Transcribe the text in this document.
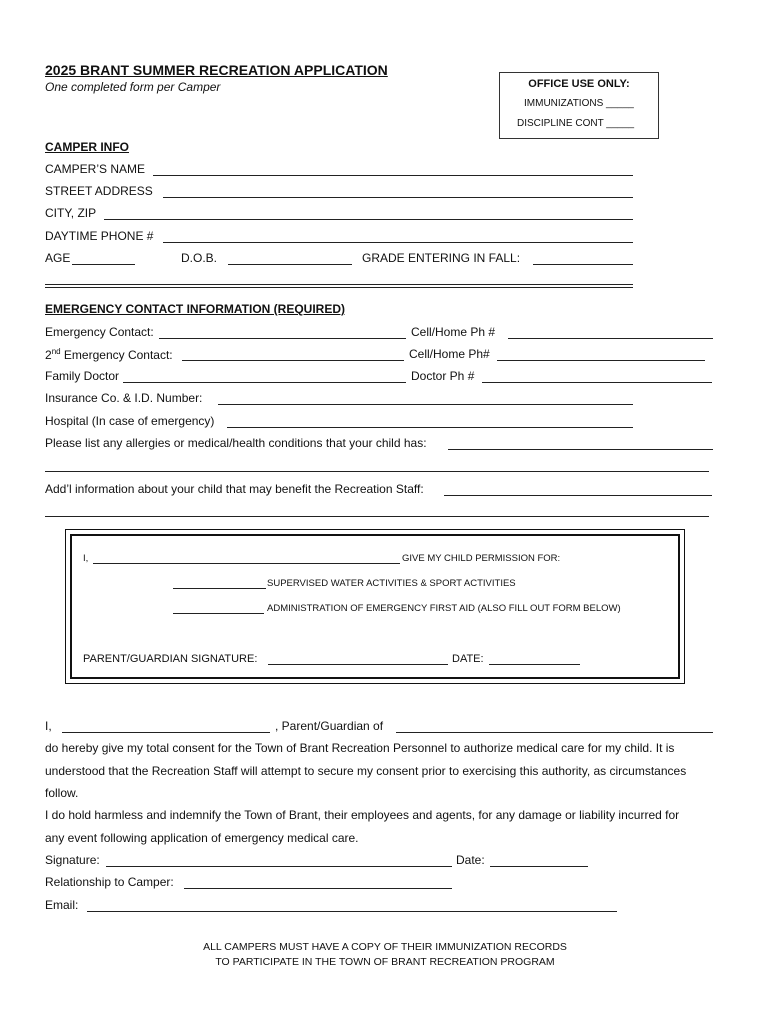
2025 BRANT SUMMER RECREATION APPLICATION
One completed form per Camper	OFFICE USE ONLY:
IMMUNIZATIONS _____
DISCIPLINE CONT _____
CAMPER INFO
CAMPER’S NAME
STREET ADDRESS
CITY, ZIP
DAYTIME PHONE #
AGE	D.O.B.	GRADE ENTERING IN FALL:
EMERGENCY CONTACT INFORMATION (REQUIRED)
Emergency Contact:	Cell/Home Ph #
2nd Emergency Contact:	Cell/Home Ph#
Family Doctor	Doctor Ph #
Insurance Co. & I.D. Number:
Hospital (In case of emergency)
Please list any allergies or medical/health conditions that your child has:
Add’l information about your child that may benefit the Recreation Staff:
I,	GIVE MY CHILD PERMISSION FOR:
SUPERVISED WATER ACTIVITIES & SPORT ACTIVITIES
ADMINISTRATION OF EMERGENCY FIRST AID (ALSO FILL OUT FORM BELOW)
PARENT/GUARDIAN SIGNATURE:	DATE:
I,	, Parent/Guardian of
do hereby give my total consent for the Town of Brant Recreation Personnel to authorize medical care for my child. It is
understood that the Recreation Staff will attempt to secure my consent prior to exercising this authority, as circumstances
follow.
I do hold harmless and indemnify the Town of Brant, their employees and agents, for any damage or liability incurred for
any event following application of emergency medical care.
Signature:	Date:
Relationship to Camper:
Email:
ALL CAMPERS MUST HAVE A COPY OF THEIR IMMUNIZATION RECORDS
TO PARTICIPATE IN THE TOWN OF BRANT RECREATION PROGRAM
